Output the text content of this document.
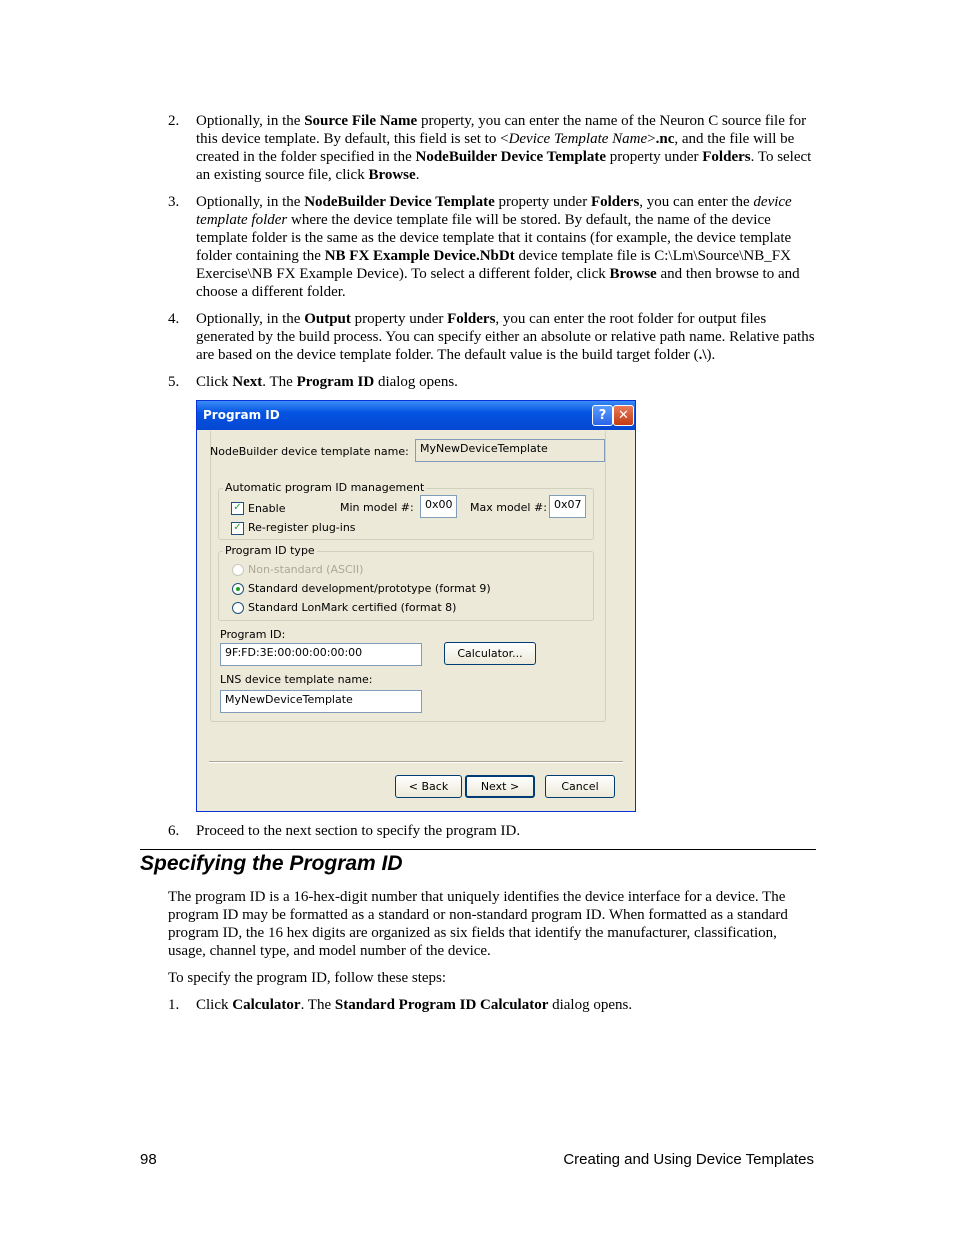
2.	Optionally, in the Source File Name property, you can enter the name of the Neuron C source file for this device template. By default, this field is set to <Device Template Name>.nc, and the file will be created in the folder specified in the NodeBuilder Device Template property under Folders. To select an existing source file, click Browse.
3.	Optionally, in the NodeBuilder Device Template property under Folders, you can enter the device template folder where the device template file will be stored. By default, the name of the device template folder is the same as the device template that it contains (for example, the device template folder containing the NB FX Example Device.NbDt device template file is C:\Lm\Source\NB_FX Exercise\NB FX Example Device). To select a different folder, click Browse and then browse to and choose a different folder.
4.	Optionally, in the Output property under Folders, you can enter the root folder for output files generated by the build process. You can specify either an absolute or relative path name. Relative paths are based on the device template folder. The default value is the build target folder (.\).
5.	Click Next. The Program ID dialog opens.
Program ID	? ✕
NodeBuilder device template name:	MyNewDeviceTemplate
Automatic program ID management
✓ Enable	Min model #:	0x00	Max model #: 0x07
✓ Re-register plug-ins
Program ID type
Non-standard (ASCII)
Standard development/prototype (format 9)
Standard LonMark certified (format 8)
Program ID:
9F:FD:3E:00:00:00:00:00	Calculator...
LNS device template name:
MyNewDeviceTemplate
< Back	Next >	Cancel
6.	Proceed to the next section to specify the program ID.
Specifying the Program ID

The program ID is a 16-hex-digit number that uniquely identifies the device interface for a device. The program ID may be formatted as a standard or non-standard program ID. When formatted as a standard program ID, the 16 hex digits are organized as six fields that identify the manufacturer, classification, usage, channel type, and model number of the device.

To specify the program ID, follow these steps:

1.	Click Calculator. The Standard Program ID Calculator dialog opens.
98	Creating and Using Device Templates
